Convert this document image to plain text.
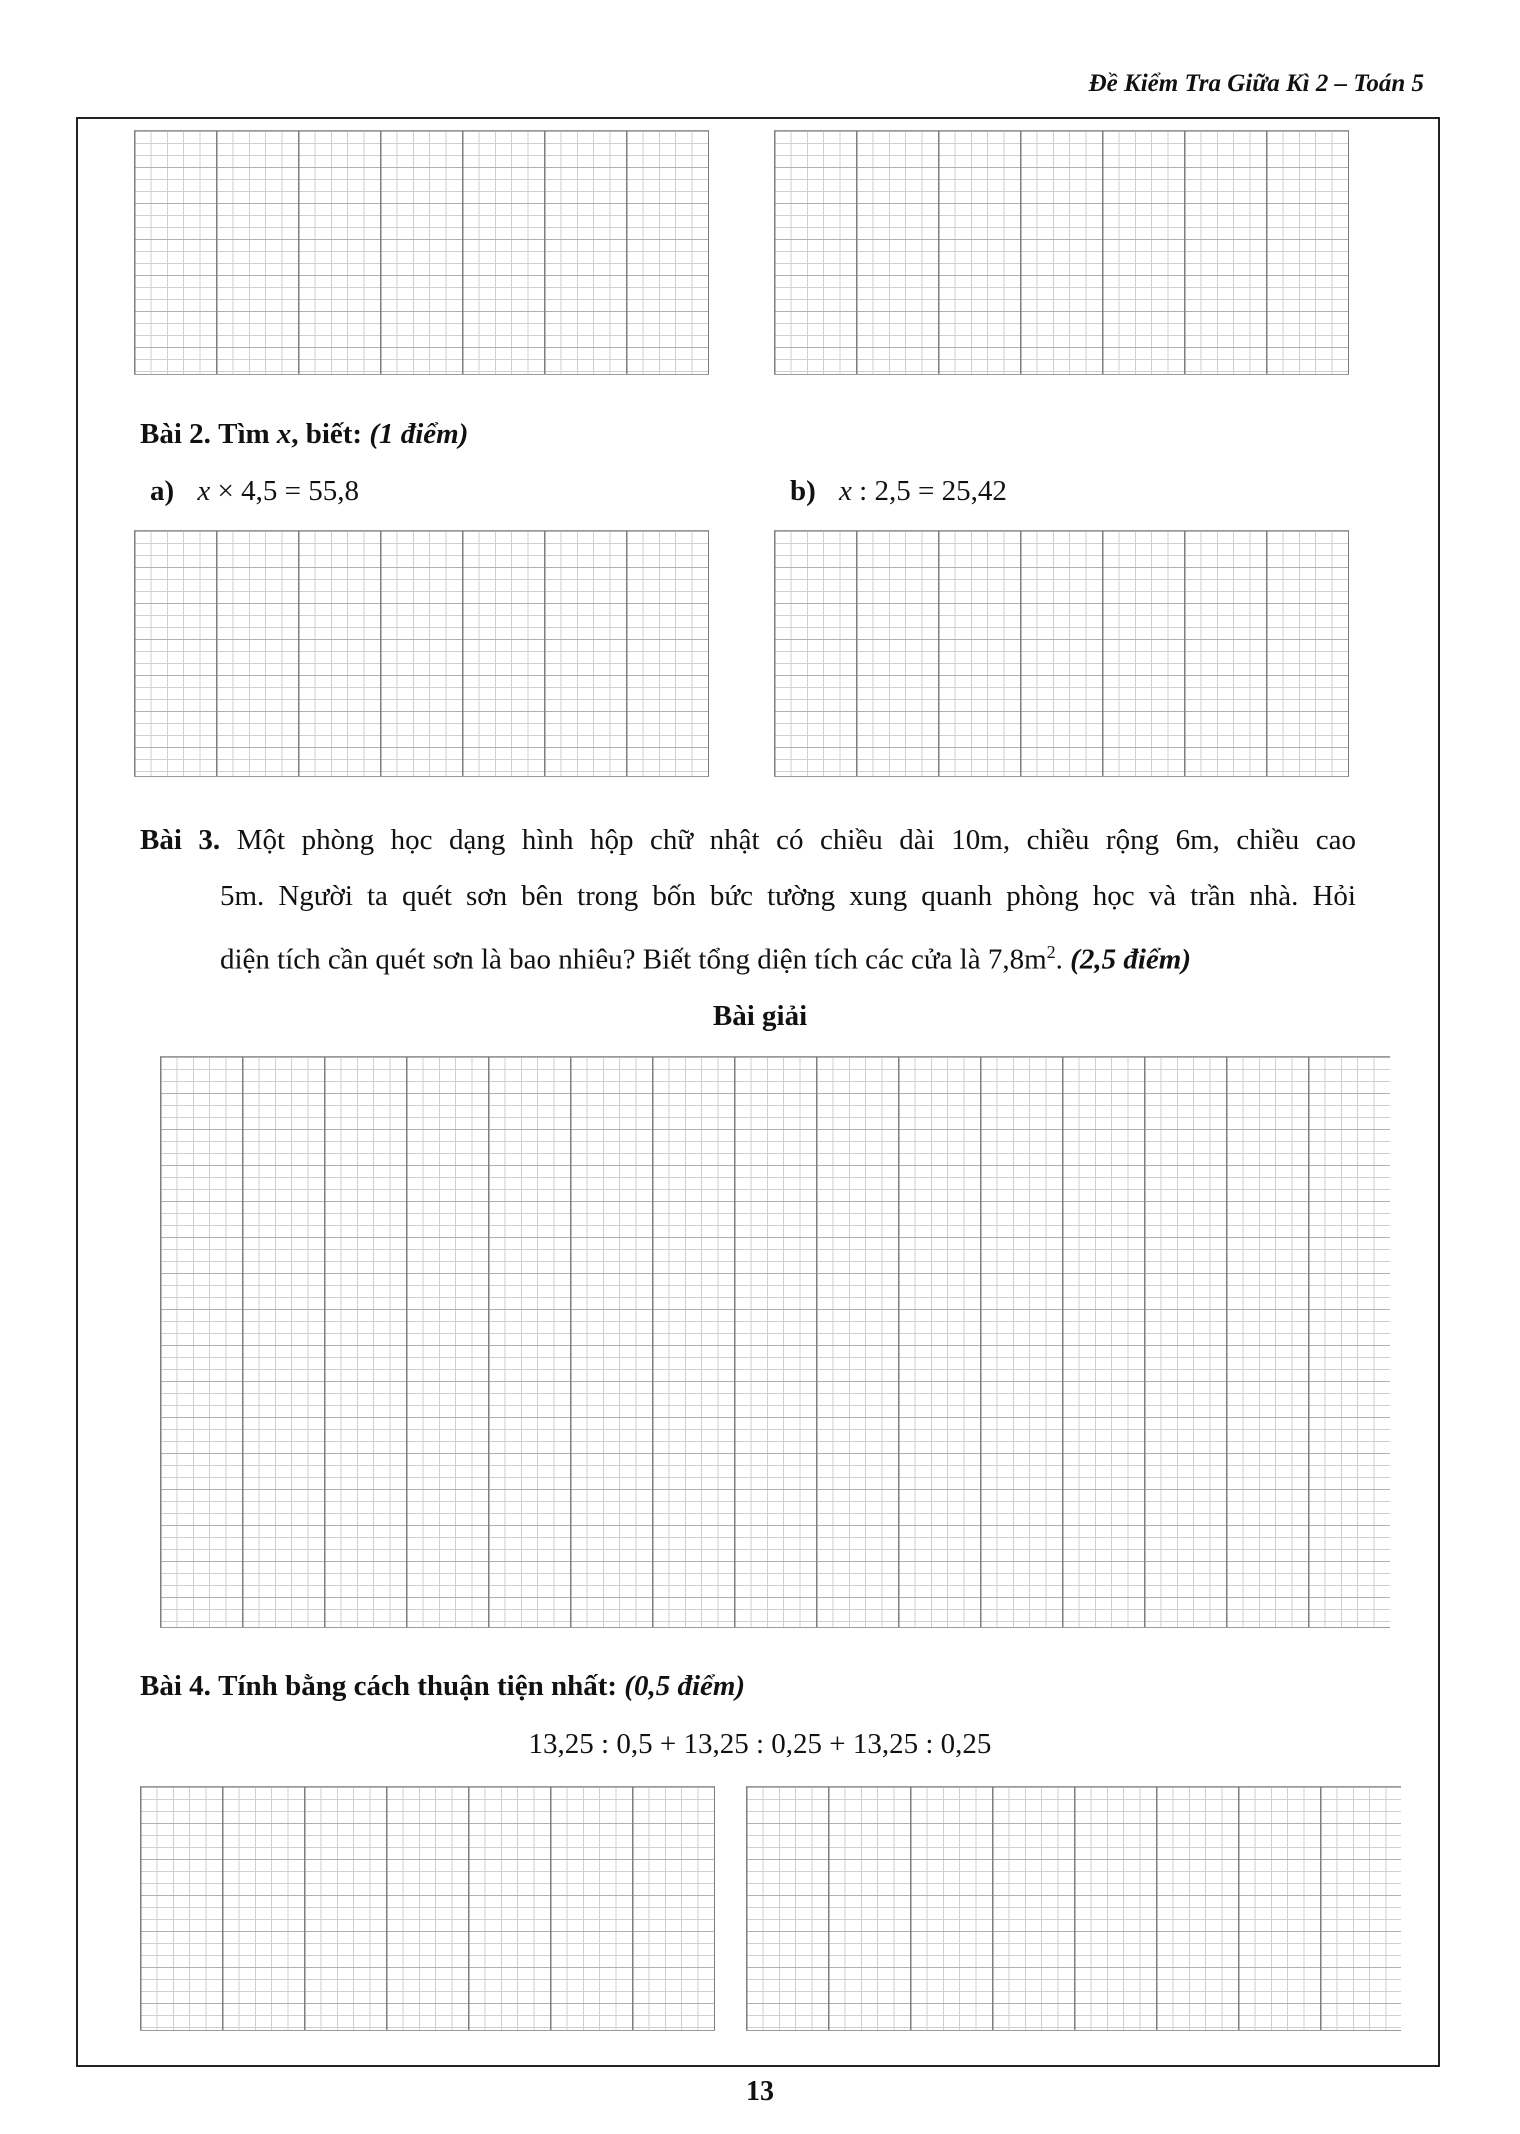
Đề Kiểm Tra Giữa Kì 2 – Toán 5
Bài 2. Tìm x, biết: (1 điểm)
a) x × 4,5 = 55,8	b) x : 2,5 = 25,42

Bài 3. Một phòng học dạng hình hộp chữ nhật có chiều dài 10m, chiều rộng 6m, chiều cao

5m. Người ta quét sơn bên trong bốn bức tường xung quanh phòng học và trần nhà. Hỏi

diện tích cần quét sơn là bao nhiêu? Biết tổng diện tích các cửa là $7,8m^2$. (2,5 điểm)

Bài giải
Bài 4. Tính bằng cách thuận tiện nhất: (0,5 điểm)
13,25 : 0,5 + 13,25 : 0,25 + 13,25 : 0,25
13
